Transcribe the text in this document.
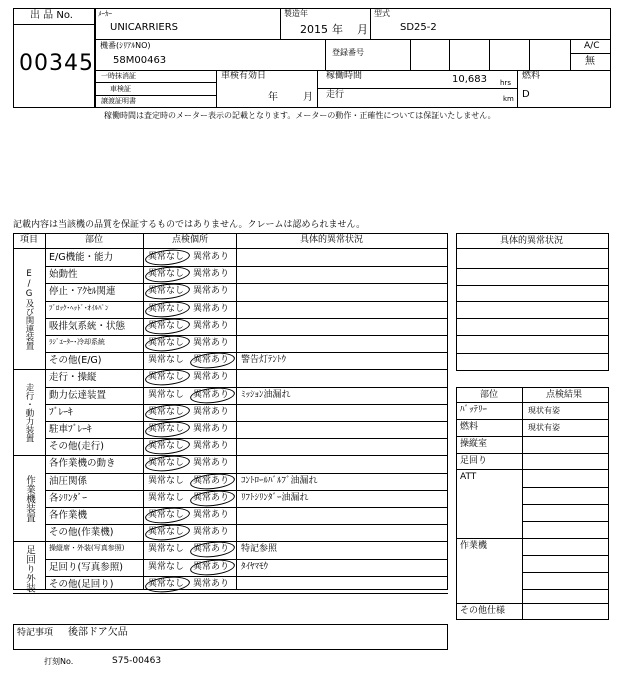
出 品 No.
00345
ﾒｰｶｰ
UNICARRIERS
製造年
2015 年 月
型式
SD25-2
機番(ｼﾘｱﾙNO)
58M00463
登録番号
A/C
無
一時抹消証
車検証
譲渡証明書
車検有効日
年	月
稼働時間	10,683 hrs
走行	km
燃料
D
稼働時間は査定時のメーター表示の記載となります。メーターの動作・正確性については保証いたしません。
記載内容は当該機の品質を保証するものではありません。クレームは認められません。
項目	部位	点検個所	具体的異常状況
E/G機能・能力	異常なし 異常あり
始動性	異常なし 異常あり
停止・ｱｸｾﾙ関連	異常なし 異常あり
ﾌﾞﾛｯｸ･ﾍｯﾄﾞ･ｵｲﾙﾊﾟﾝ	異常なし 異常あり
吸排気系統・状態	異常なし 異常あり
ﾗｼﾞｴｰﾀｰ･冷却系統	異常なし 異常あり
その他(E/G)	異常なし 異常あり 警告灯ﾃﾝﾄｳ
E/G及び関連装置
走行・操縦	異常なし 異常あり
動力伝達装置	異常なし 異常あり ﾐｯｼｮﾝ油漏れ
ﾌﾞﾚｰｷ	異常なし 異常あり
駐車ﾌﾞﾚｰｷ	異常なし 異常あり
その他(走行)	異常なし 異常あり
走行・動力装置
各作業機の動き	異常なし 異常あり
油圧関係	異常なし 異常あり ｺﾝﾄﾛｰﾙﾊﾞﾙﾌﾞ油漏れ
各ｼﾘﾝﾀﾞｰ	異常なし 異常あり ﾘﾌﾄｼﾘﾝﾀﾞｰ油漏れ
各作業機	異常なし 異常あり
その他(作業機)	異常なし 異常あり
作業機装置
操縦席・外装(写真参照)	異常なし 異常あり 特記参照
足回り(写真参照)	異常なし 異常あり ﾀｲﾔﾏﾓｳ
その他(足回り)	異常なし 異常あり
足回り外装
具体的異常状況
部位	点検結果
ﾊﾞｯﾃﾘｰ	現状有姿
燃料	現状有姿
操縦室
足回り
ATT
作業機
その他仕様
特記事項 後部ドア欠品
打刻No.	S75-00463
